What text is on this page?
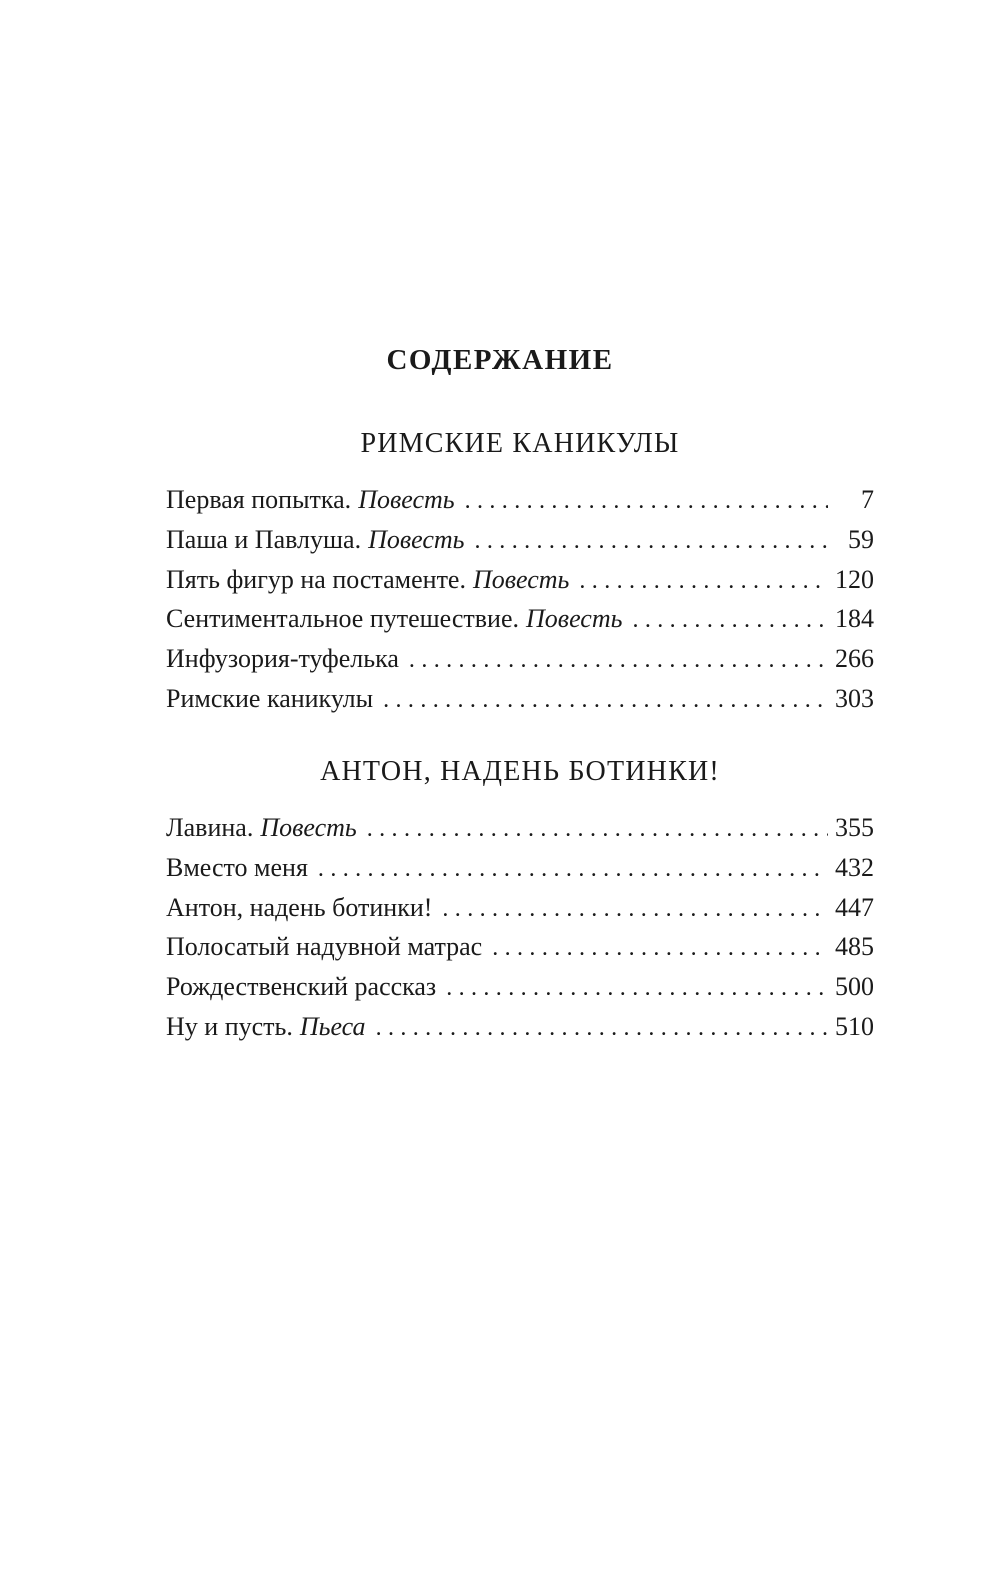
СОДЕРЖАНИЕ
РИМСКИЕ КАНИКУЛЫ
Первая попытка. Повесть . . .	7
Паша и Павлуша. Повесть . . .	59
Пять фигур на постаменте. Повесть . . .	120
Сентиментальное путешествие. Повесть . . .	184
Инфузория-туфелька . . .	266
Римские каникулы . . .	303
АНТОН, НАДЕНЬ БОТИНКИ!
Лавина. Повесть . . .	355
Вместо меня . . .	432
Антон, надень ботинки! . . .	447
Полосатый надувной матрас . . .	485
Рождественский рассказ . . .	500
Ну и пусть. Пьеса . . .	510
